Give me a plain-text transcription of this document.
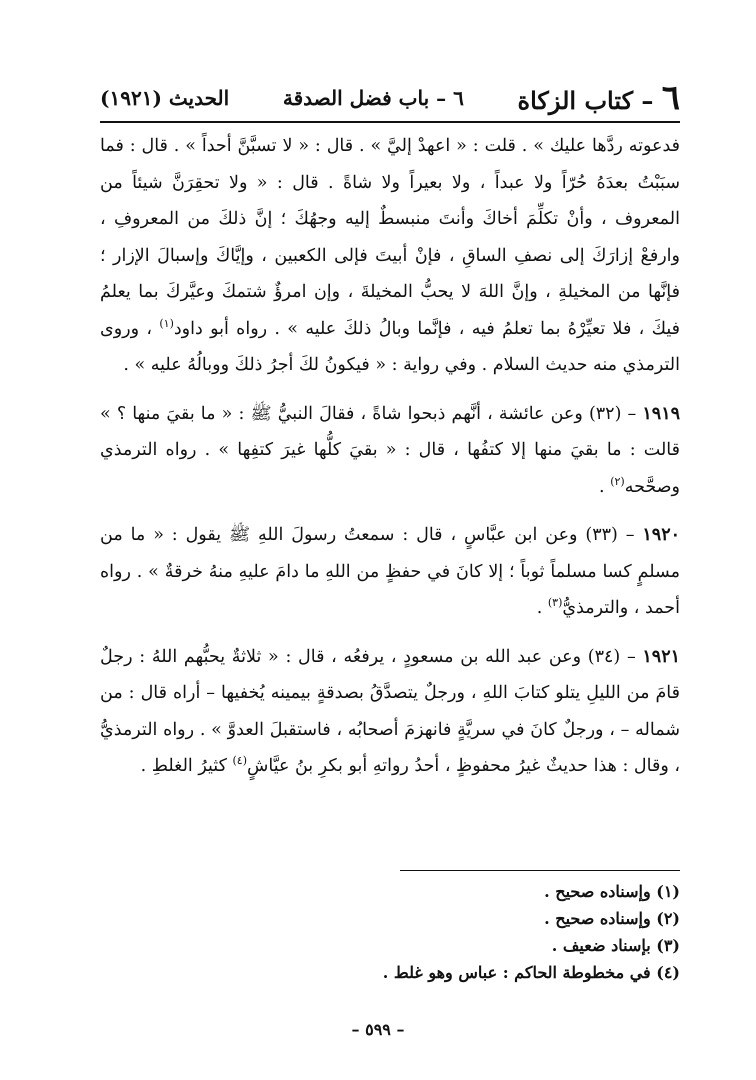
٦ – كتاب الزكاة
٦ – باب فضل الصدقة
الحديث (١٩٢١)

فدعوته ردَّها عليك » . قلت : « اعهدْ إليَّ » . قال : « لا تسبَّنَّ أحداً » . قال : فما سبَبْتُ بعدَهُ حُرّاً ولا عبداً ، ولا بعيراً ولا شاةً . قال : « ولا تحقِرَنَّ شيئاً من المعروف ، وأنْ تكلِّمَ أخاكَ وأنتَ منبسطٌ إليه وجهُكَ ؛ إنَّ ذلكَ من المعروفِ ، وارفعْ إزارَكَ إلى نصفِ الساقِ ، فإنْ أبيتَ فإلى الكعبين ، وإيَّاكَ وإسبالَ الإزار ؛ فإنَّها من المخيلةِ ، وإنَّ اللهَ لا يحبُّ المخيلةَ ، وإن امرؤٌ شتمكَ وعيَّركَ بما يعلمُ فيكَ ، فلا تعيِّرْهُ بما تعلمُ فيه ، فإنَّما وبالُ ذلكَ عليه » . رواه أبو داود$^{(١)}$ ، وروى الترمذي منه حديث السلام . وفي رواية : « فيكونُ لكَ أجرُ ذلكَ ووبالُهُ عليه » .

١٩١٩ – (٣٢) وعن عائشة ، أنَّهم ذبحوا شاةً ، فقالَ النبيُّ ﷺ : « ما بقيَ منها ؟ » قالت : ما بقيَ منها إلا كتفُها ، قال : « بقيَ كلُّها غيرَ كتفِها » . رواه الترمذي وصحَّحه$^{(٢)}$ .

١٩٢٠ – (٣٣) وعن ابن عبَّاسٍ ، قال : سمعتُ رسولَ اللهِ ﷺ يقول : « ما من مسلمٍ كسا مسلماً ثوباً ؛ إلا كانَ في حفظٍ من اللهِ ما دامَ عليهِ منهُ خرقةٌ » . رواه أحمد ، والترمذيُّ$^{(٣)}$ .

١٩٢١ – (٣٤) وعن عبد الله بن مسعودٍ ، يرفعُه ، قال : « ثلاثةٌ يحبُّهم اللهُ : رجلٌ قامَ من الليلِ يتلو كتابَ اللهِ ، ورجلٌ يتصدَّقُ بصدقةٍ بيمينه يُخفيها – أراه قال : من شماله – ، ورجلٌ كانَ في سريَّةٍ فانهزمَ أصحابُه ، فاستقبلَ العدوَّ » . رواه الترمذيُّ ، وقال : هذا حديثٌ غيرُ محفوظٍ ، أحدُ رواتهِ أبو بكرِ بنُ عيَّاشٍ$^{(٤)}$ كثيرُ الغلطِ .

(١) وإسناده صحيح .
(٢) وإسناده صحيح .
(٣) بإسناد ضعيف .
(٤) في مخطوطة الحاكم : عباس وهو غلط .
– ٥٩٩ –
